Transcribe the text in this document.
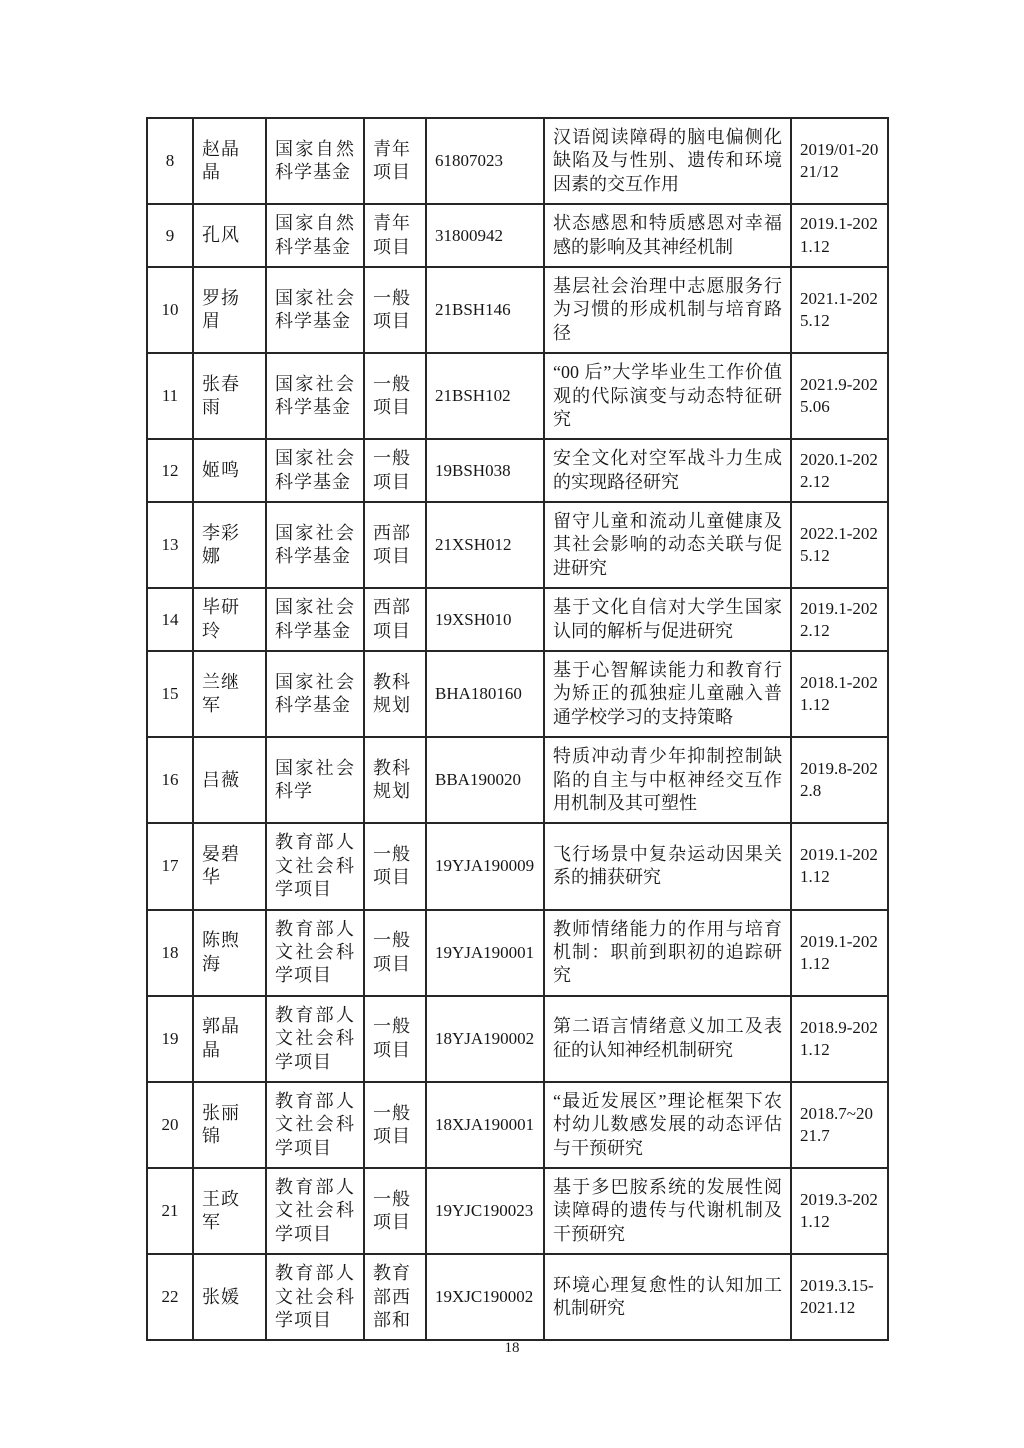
8	赵晶晶	国家自然科学基金	青年项目	61807023	汉语阅读障碍的脑电偏侧化缺陷及与性别、遗传和环境因素的交互作用	2019/01-2021/12
9	孔风	国家自然科学基金	青年项目	31800942	状态感恩和特质感恩对幸福感的影响及其神经机制	2019.1-2021.12
10	罗扬眉	国家社会科学基金	一般项目	21BSH146	基层社会治理中志愿服务行为习惯的形成机制与培育路径	2021.1-2025.12
11	张春雨	国家社会科学基金	一般项目	21BSH102	“00 后”大学毕业生工作价值观的代际演变与动态特征研究	2021.9-2025.06
12	姬鸣	国家社会科学基金	一般项目	19BSH038	安全文化对空军战斗力生成的实现路径研究	2020.1-2022.12
13	李彩娜	国家社会科学基金	西部项目	21XSH012	留守儿童和流动儿童健康及其社会影响的动态关联与促进研究	2022.1-2025.12
14	毕研玲	国家社会科学基金	西部项目	19XSH010	基于文化自信对大学生国家认同的解析与促进研究	2019.1-2022.12
15	兰继军	国家社会科学基金	教科规划	BHA180160	基于心智解读能力和教育行为矫正的孤独症儿童融入普通学校学习的支持策略	2018.1-2021.12
16	吕薇	国家社会科学	教科规划	BBA190020	特质冲动青少年抑制控制缺陷的自主与中枢神经交互作用机制及其可塑性	2019.8-2022.8
17	晏碧华	教育部人文社会科学项目	一般项目	19YJA190009	飞行场景中复杂运动因果关系的捕获研究	2019.1-2021.12
18	陈煦海	教育部人文社会科学项目	一般项目	19YJA190001	教师情绪能力的作用与培育机制：职前到职初的追踪研究	2019.1-2021.12
19	郭晶晶	教育部人文社会科学项目	一般项目	18YJA190002	第二语言情绪意义加工及表征的认知神经机制研究	2018.9-2021.12
20	张丽锦	教育部人文社会科学项目	一般项目	18XJA190001	“最近发展区”理论框架下农村幼儿数感发展的动态评估与干预研究	2018.7~2021.7
21	王政军	教育部人文社会科学项目	一般项目	19YJC190023	基于多巴胺系统的发展性阅读障碍的遗传与代谢机制及干预研究	2019.3-2021.12
22	张媛	教育部人文社会科学项目	教育部西部和	19XJC190002	环境心理复愈性的认知加工机制研究	2019.3.15-2021.12
18
